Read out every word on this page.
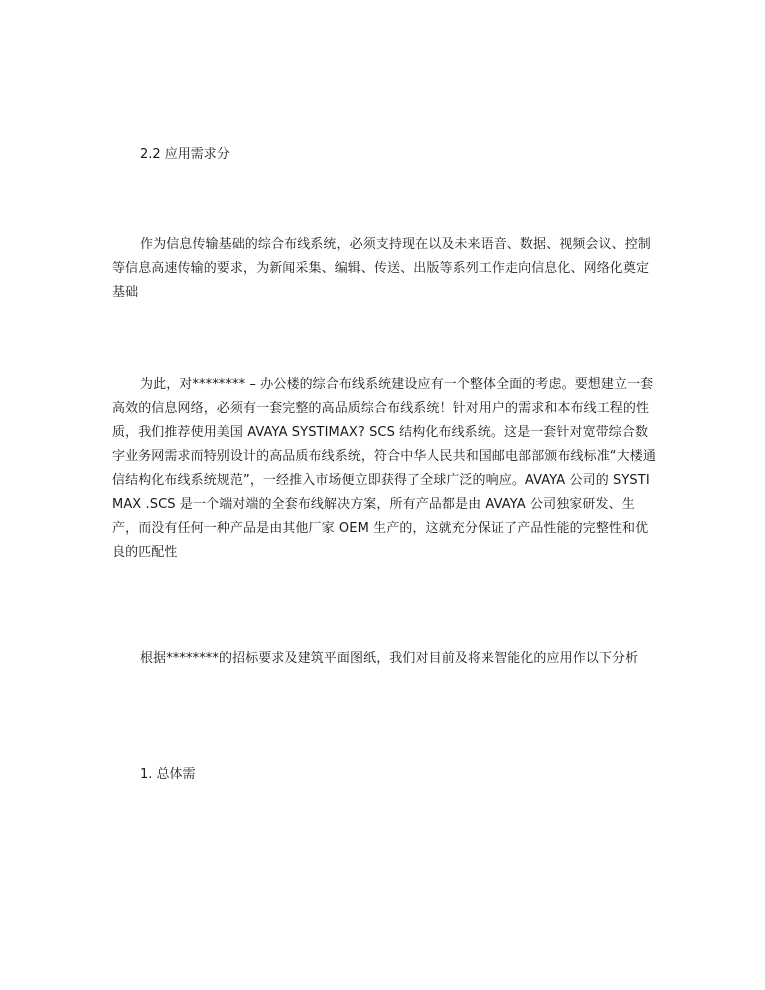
2.2 应用需求分

作为信息传输基础的综合布线系统，必须支持现在以及未来语音、数据、视频会议、控制等信息高速传输的要求，为新闻采集、编辑、传送、出版等系列工作走向信息化、网络化奠定基础

为此，对******** – 办公楼的综合布线系统建设应有一个整体全面的考虑。要想建立一套高效的信息网络，必须有一套完整的高品质综合布线系统！针对用户的需求和本布线工程的性质，我们推荐使用美国 AVAYA SYSTIMAX? SCS 结构化布线系统。这是一套针对宽带综合数字业务网需求而特别设计的高品质布线系统，符合中华人民共和国邮电部部颁布线标准“大楼通信结构化布线系统规范”，一经推入市场便立即获得了全球广泛的响应。AVAYA 公司的 SYSTIMAX .SCS 是一个端对端的全套布线解决方案，所有产品都是由 AVAYA 公司独家研发、生产，而没有任何一种产品是由其他厂家 OEM 生产的，这就充分保证了产品性能的完整性和优良的匹配性

根据********的招标要求及建筑平面图纸，我们对目前及将来智能化的应用作以下分析

1. 总体需
